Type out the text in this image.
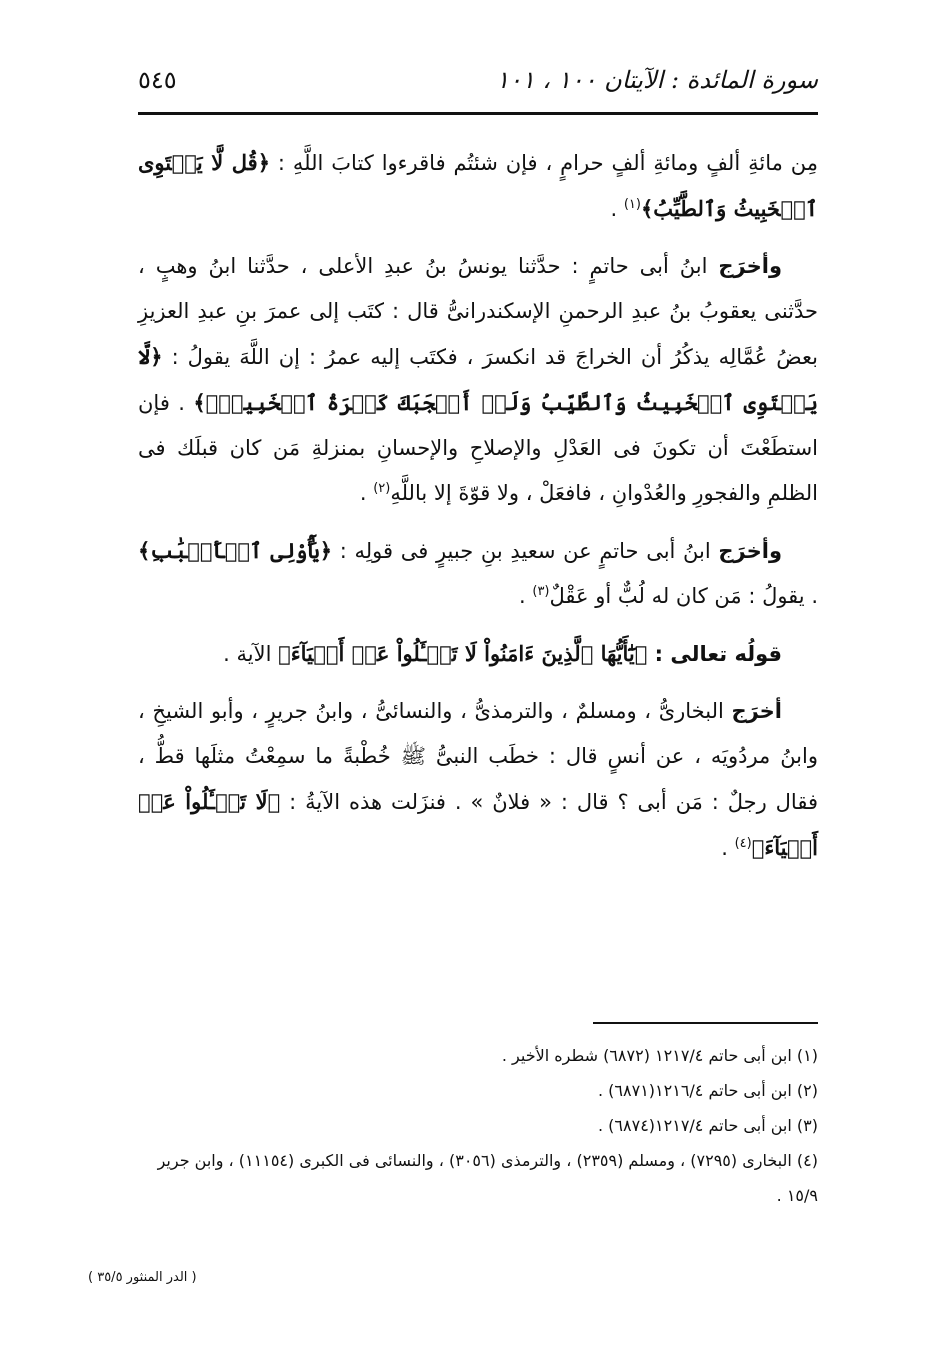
سورة المائدة : الآيتان ١٠٠ ، ١٠١
٥٤٥

مِن مائةِ ألفٍ ومائةِ ألفٍ حرامٍ ، فإن شئتُم فاقرءوا كتابَ اللَّهِ : ﴿قُل لَّا يَسۡتَوِى ٱلۡخَبِيثُ وَٱلطَّيِّبُ﴾$^{(١)}$ .

وأخرَج ابنُ أبى حاتمٍ : حدَّثنا يونسُ بنُ عبدِ الأعلى ، حدَّثنا ابنُ وهبٍ ، حدَّثنى يعقوبُ بنُ عبدِ الرحمنِ الإسكندرانىُّ قال : كتَب إلى عمرَ بنِ عبدِ العزيزِ بعضُ عُمَّالِه يذكُرُ أن الخراجَ قد انكسرَ ، فكتَب إليه عمرُ : إن اللَّهَ يقولُ : ﴿لَّا يَسۡتَوِى ٱلۡخَبِيثُ وَٱلطَّيِّبُ وَلَوۡ أَعۡجَبَكَ كَثۡرَةُ ٱلۡخَبِيثِۚ﴾ . فإن استطَعْتَ أن تكونَ فى العَدْلِ والإصلاحِ والإحسانِ بمنزلةِ مَن كان قبلَك فى الظلمِ والفجورِ والعُدْوانِ ، فافعَلْ ، ولا قوّةَ إلا باللَّهِ$^{(٢)}$ .

وأخرَج ابنُ أبى حاتمٍ عن سعيدِ بنِ جبيرٍ فى قولِه : ﴿يَٰٓأُوْلِى ٱلۡأَلۡبَٰبِ﴾ . يقولُ : مَن كان له لُبٌّ أو عَقْلٌ$^{(٣)}$ .

قولُه تعالى : ﴿يَٰٓأَيُّهَا ٱلَّذِينَ ءَامَنُواْ لَا تَسۡـَٔلُواْ عَنۡ أَشۡيَآءَ﴾ الآية .

أخرَج البخارىُّ ، ومسلمٌ ، والترمذىُّ ، والنسائىُّ ، وابنُ جريرٍ ، وأبو الشيخِ ، وابنُ مردُويَه ، عن أنسٍ قال : خطَب النبىُّ ﷺ خُطْبةً ما سمِعْتُ مثلَها قطُّ ، فقال رجلٌ : مَن أبى ؟ قال : « فلانٌ » . فنزَلت هذه الآيةُ : ﴿لَا تَسۡـَٔلُواْ عَنۡ أَشۡيَآءَ﴾$^{(٤)}$ .

(١) ابن أبى حاتم ١٢١٧/٤ (٦٨٧٢) شطره الأخير .

(٢) ابن أبى حاتم ١٢١٦/٤(٦٨٧١) .

(٣) ابن أبى حاتم ١٢١٧/٤(٦٨٧٤) .

(٤) البخارى (٧٢٩٥) ، ومسلم (٢٣٥٩) ، والترمذى (٣٠٥٦) ، والنسائى فى الكبرى (١١١٥٤) ، وابن جرير ١٥/٩ .

( الدر المنثور ٣٥/٥ )
